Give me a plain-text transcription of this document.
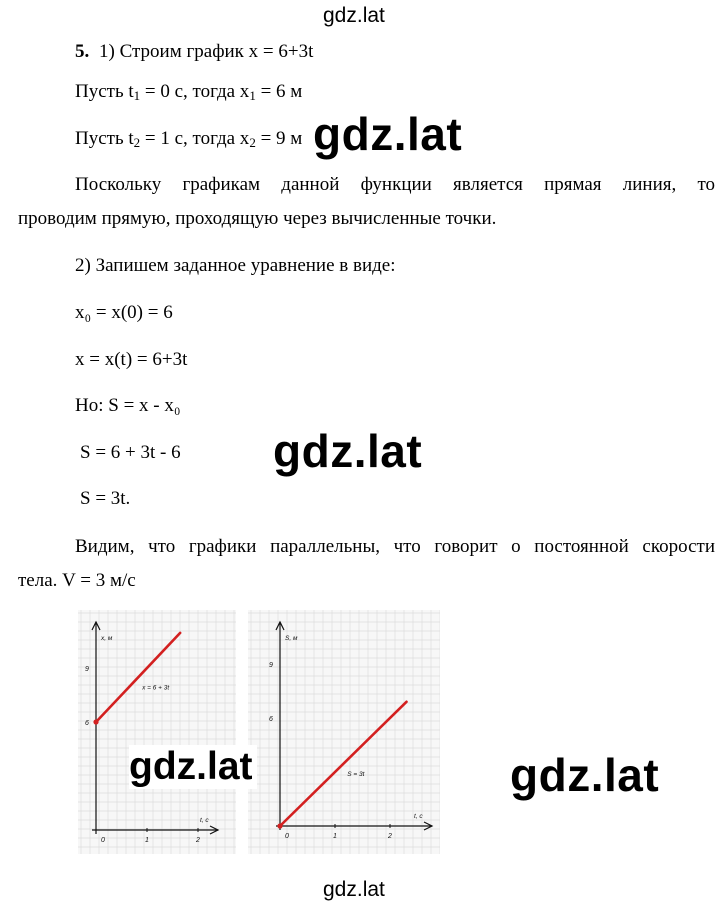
gdz.lat
5. 1) Строим график x = 6+3t
Пусть $t_1 = 0$ с, тогда $x_1 = 6$ м
Пусть $t_2 = 1$ с, тогда $x_2 = 9$ м gdz.lat
Поскольку графикам данной функции является прямая линия, то
проводим прямую, проходящую через вычисленные точки.
2) Запишем заданное уравнение в виде:
x₀ = x(0) = 6
x = x(t) = 6+3t
Но: S = x - x₀
S = 6 + 3t - 6
S = 3t.
gdz.lat
Видим, что графики параллельны, что говорит о постоянной скорости
тела. V = 3 м/с
x, м
t, с
0	1	2
6
9
x = 6 + 3t
S, м
t, с
0	1	2
6
9
S = 3t
gdz.lat	gdz.lat
gdz.lat
